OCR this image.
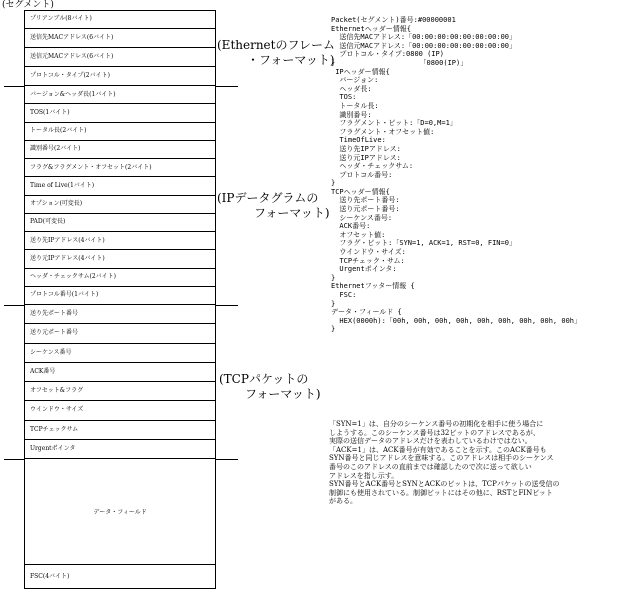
(セグメント)
プリアンブル(8バイト)
送信先MACアドレス(6バイト)
送信元MACアドレス(6バイト)
プロトコル・タイプ(2バイト)
バージョン&ヘッダ長(1バイト)
TOS(1バイト)
トータル長(2バイト)
識別番号(2バイト)
フラグ&フラグメント・オフセット(2バイト)
Time of Live(1バイト)
オプション(可変長)
PAD(可変長)
送り先IPアドレス(4バイト)
送り元IPアドレス(4バイト)
ヘッダ・チェックサム(2バイト)
プロトコル番号(1バイト)
送り先ポート番号
送り元ポート番号
シーケンス番号
ACK番号
オフセット&フラグ
ウインドウ・サイズ
TCPチェックサム
Urgentポインタ
データ・フィールド
FSC(4バイト)
(Ethernetのフレーム
・フォーマット)
(IPデータグラムの
フォーマット)
(TCPパケットの
フォーマット)
Packet(セグメント)番号:#00000001
Ethernetヘッダー情報{
送信先MACアドレス:「00:00:00:00:00:00:00:00」
送信元MACアドレス:「00:00:00:00:00:00:00:00」
プロトコル・タイプ:0800 (IP)
}                    「0800(IP)」
IPヘッダー情報{
バージョン:
ヘッダ長:
TOS:
トータル長:
識別番号:
フラグメント・ビット:「D=0,M=1」
フラグメント・オフセット値:
TimeOfLive:
送り先IPアドレス:
送り元IPアドレス:
ヘッダ・チェックサム:
プロトコル番号:
}
TCPヘッダー情報{
送り先ポート番号:
送り元ポート番号:
シーケンス番号:
ACK番号:
オフセット値:
フラグ・ビット:「SYN=1, ACK=1, RST=0, FIN=0」
ウインドウ・サイズ:
TCPチェック・サム:
Urgentポインタ:
}
Ethernetフッター情報 {
FSC:
}
データ・フィールド {
HEX(0000h):「00h, 00h, 00h, 00h, 00h, 00h, 00h, 00h, 00h」
}
「SYN=1」は、自分のシーケンス番号の初期化を相手に使う場合に
しようする。このシーケンス番号は32ビットのアドレスであるが、
実際の送信データのアドレスだけを表わしているわけではない。
「ACK=1」は、ACK番号が有効であることを示す。このACK番号も
SYN番号と同じアドレスを意味する。このアドレスは相手のシーケンス
番号のこのアドレスの直前までは確認したので次に送って欲しい
アドレスを指し示す。
SYN番号とACK番号とSYNとACKのビットは、TCPパケットの送受信の
制御にも使用されている。制御ビットにはその他に、RSTとFINビット
がある。
